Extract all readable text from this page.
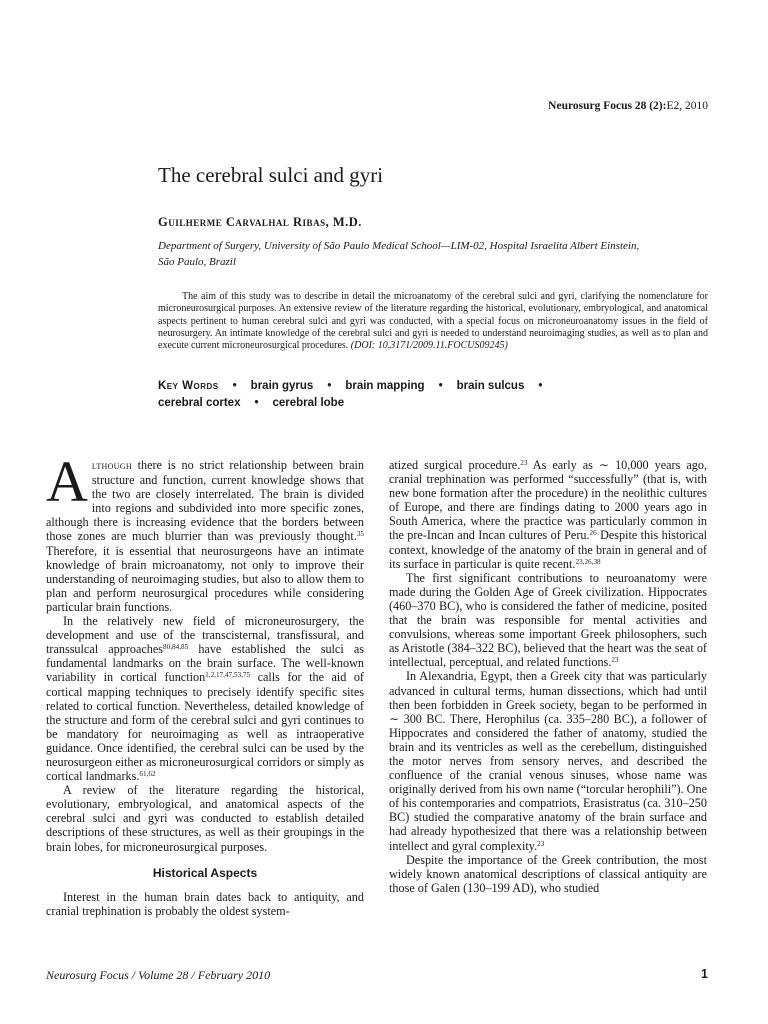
Neurosurg Focus 28 (2):E2, 2010
The cerebral sulci and gyri

Guilherme Carvalhal Ribas, M.D.

Department of Surgery, University of São Paulo Medical School—LIM-02, Hospital Israelita Albert Einstein,
São Paulo, Brazil

The aim of this study was to describe in detail the microanatomy of the cerebral sulci and gyri, clarifying the nomenclature for microneurosurgical purposes. An extensive review of the literature regarding the historical, evolutionary, embryological, and anatomical aspects pertinent to human cerebral sulci and gyri was conducted, with a special focus on microneuroanatomy issues in the field of neurosurgery. An intimate knowledge of the cerebral sulci and gyri is needed to understand neuroimaging studies, as well as to plan and execute current microneurosurgical procedures. (DOI: 10.3171/2009.11.FOCUS09245)

Key Words • brain gyrus • brain mapping • brain sulcus •
cerebral cortex • cerebral lobe

Although there is no strict relationship between brain structure and function, current knowledge shows that the two are closely interrelated. The brain is divided into regions and subdivided into more specific zones, although there is increasing evidence that the borders between those zones are much blurrier than was previously thought.$^{35}$ Therefore, it is essential that neurosurgeons have an intimate knowledge of brain microanatomy, not only to improve their understanding of neuroimaging studies, but also to allow them to plan and perform neurosurgical procedures while considering particular brain functions.

In the relatively new field of microneurosurgery, the development and use of the transcisternal, transfissural, and transsulcal approaches$^{80,84,85}$ have established the sulci as fundamental landmarks on the brain surface. The well-known variability in cortical function$^{1,2,17,47,53,75}$ calls for the aid of cortical mapping techniques to precisely identify specific sites related to cortical function. Nevertheless, detailed knowledge of the structure and form of the cerebral sulci and gyri continues to be mandatory for neuroimaging as well as intraoperative guidance. Once identified, the cerebral sulci can be used by the neurosurgeon either as microneurosurgical corridors or simply as cortical landmarks.$^{61,62}$

A review of the literature regarding the historical, evolutionary, embryological, and anatomical aspects of the cerebral sulci and gyri was conducted to establish detailed descriptions of these structures, as well as their groupings in the brain lobes, for microneurosurgical purposes.

Historical Aspects

Interest in the human brain dates back to antiquity, and cranial trephination is probably the oldest system-

atized surgical procedure.$^{23}$ As early as ∼ 10,000 years ago, cranial trephination was performed “successfully” (that is, with new bone formation after the procedure) in the neolithic cultures of Europe, and there are findings dating to 2000 years ago in South America, where the practice was particularly common in the pre-Incan and Incan cultures of Peru.$^{26}$ Despite this historical context, knowledge of the anatomy of the brain in general and of its surface in particular is quite recent.$^{23,26,38}$

The first significant contributions to neuroanatomy were made during the Golden Age of Greek civilization. Hippocrates (460–370 BC), who is considered the father of medicine, posited that the brain was responsible for mental activities and convulsions, whereas some important Greek philosophers, such as Aristotle (384–322 BC), believed that the heart was the seat of intellectual, perceptual, and related functions.$^{23}$

In Alexandria, Egypt, then a Greek city that was particularly advanced in cultural terms, human dissections, which had until then been forbidden in Greek society, began to be performed in ∼ 300 BC. There, Herophilus (ca. 335–280 BC), a follower of Hippocrates and considered the father of anatomy, studied the brain and its ventricles as well as the cerebellum, distinguished the motor nerves from sensory nerves, and described the confluence of the cranial venous sinuses, whose name was originally derived from his own name (“torcular herophili”). One of his contemporaries and compatriots, Erasistratus (ca. 310–250 BC) studied the comparative anatomy of the brain surface and had already hypothesized that there was a relationship between intellect and gyral complexity.$^{23}$

Despite the importance of the Greek contribution, the most widely known anatomical descriptions of classical antiquity are those of Galen (130–199 AD), who studied

Neurosurg Focus / Volume 28 / February 2010	1
